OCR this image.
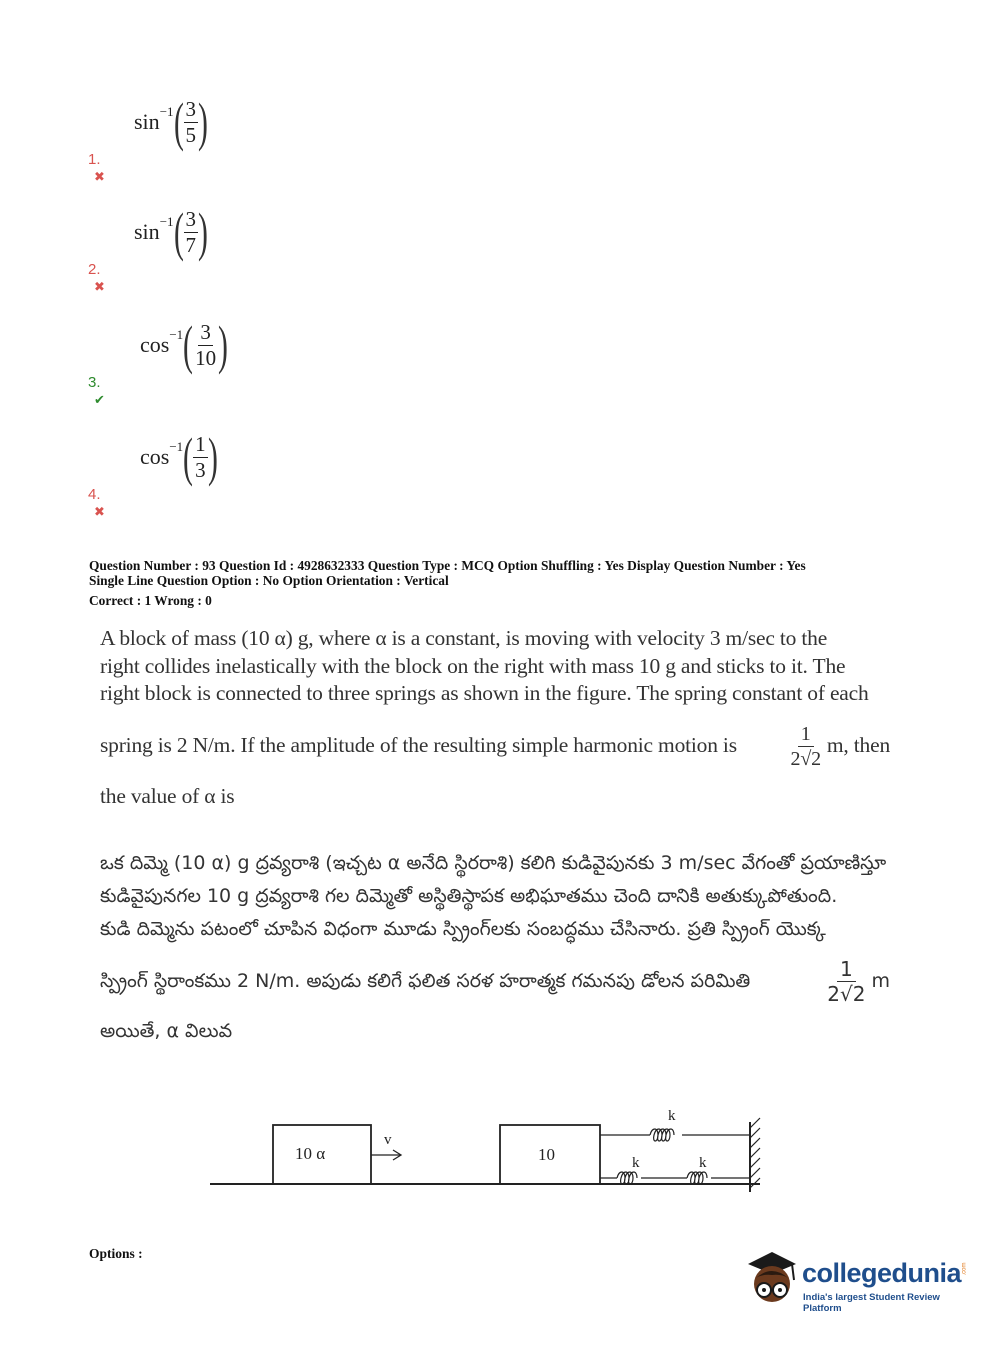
sin −1 ( $\frac{3}{5}$ )
1.✖
sin −1 ( $\frac{3}{7}$ )
2.✖
cos −1 ( $\frac{3}{10}$ )
3.✔
cos −1 ( $\frac{1}{3}$ )
4.✖
Question Number : 93 Question Id : 4928632333 Question Type : MCQ Option Shuffling : Yes Display Question Number : Yes
Single Line Question Option : No Option Orientation : Vertical
Correct : 1 Wrong : 0
A block of mass (10 α) g, where α is a constant, is moving with velocity 3 m/sec to the
right collides inelastically with the block on the right with mass 10 g and sticks to it. The
right block is connected to three springs as shown in the figure. The spring constant of each
spring is 2 N/m. If the amplitude of the resulting simple harmonic motion is	$\frac{1}{2√2} m$, then
the value of α is
ఒక దిమ్మె (10 α) g ద్రవ్యరాశి (ఇచ్చట α అనేది స్థిరరాశి) కలిగి కుడివైపునకు 3 m/sec వేగంతో ప్రయాణిస్తూ
కుడివైపునగల 10 g ద్రవ్యరాశి గల దిమ్మెతో అస్థితిస్థాపక అభిఘాతము చెంది దానికి అతుక్కుపోతుంది.
కుడి దిమ్మెను పటంలో చూపిన విధంగా మూడు స్ప్రింగ్‌లకు సంబద్ధము చేసినారు. ప్రతి స్ప్రింగ్ యొక్క
స్ప్రింగ్ స్థిరాంకము 2 N/m. అపుడు కలిగే ఫలిత సరళ హరాత్మక గమనపు డోలన పరిమితి	$\frac{1}{2√2}$ m
అయితే, α విలువ
10 α
v
10
k
k	k
Options :
collegedunia .com
India's largest Student Review Platform
